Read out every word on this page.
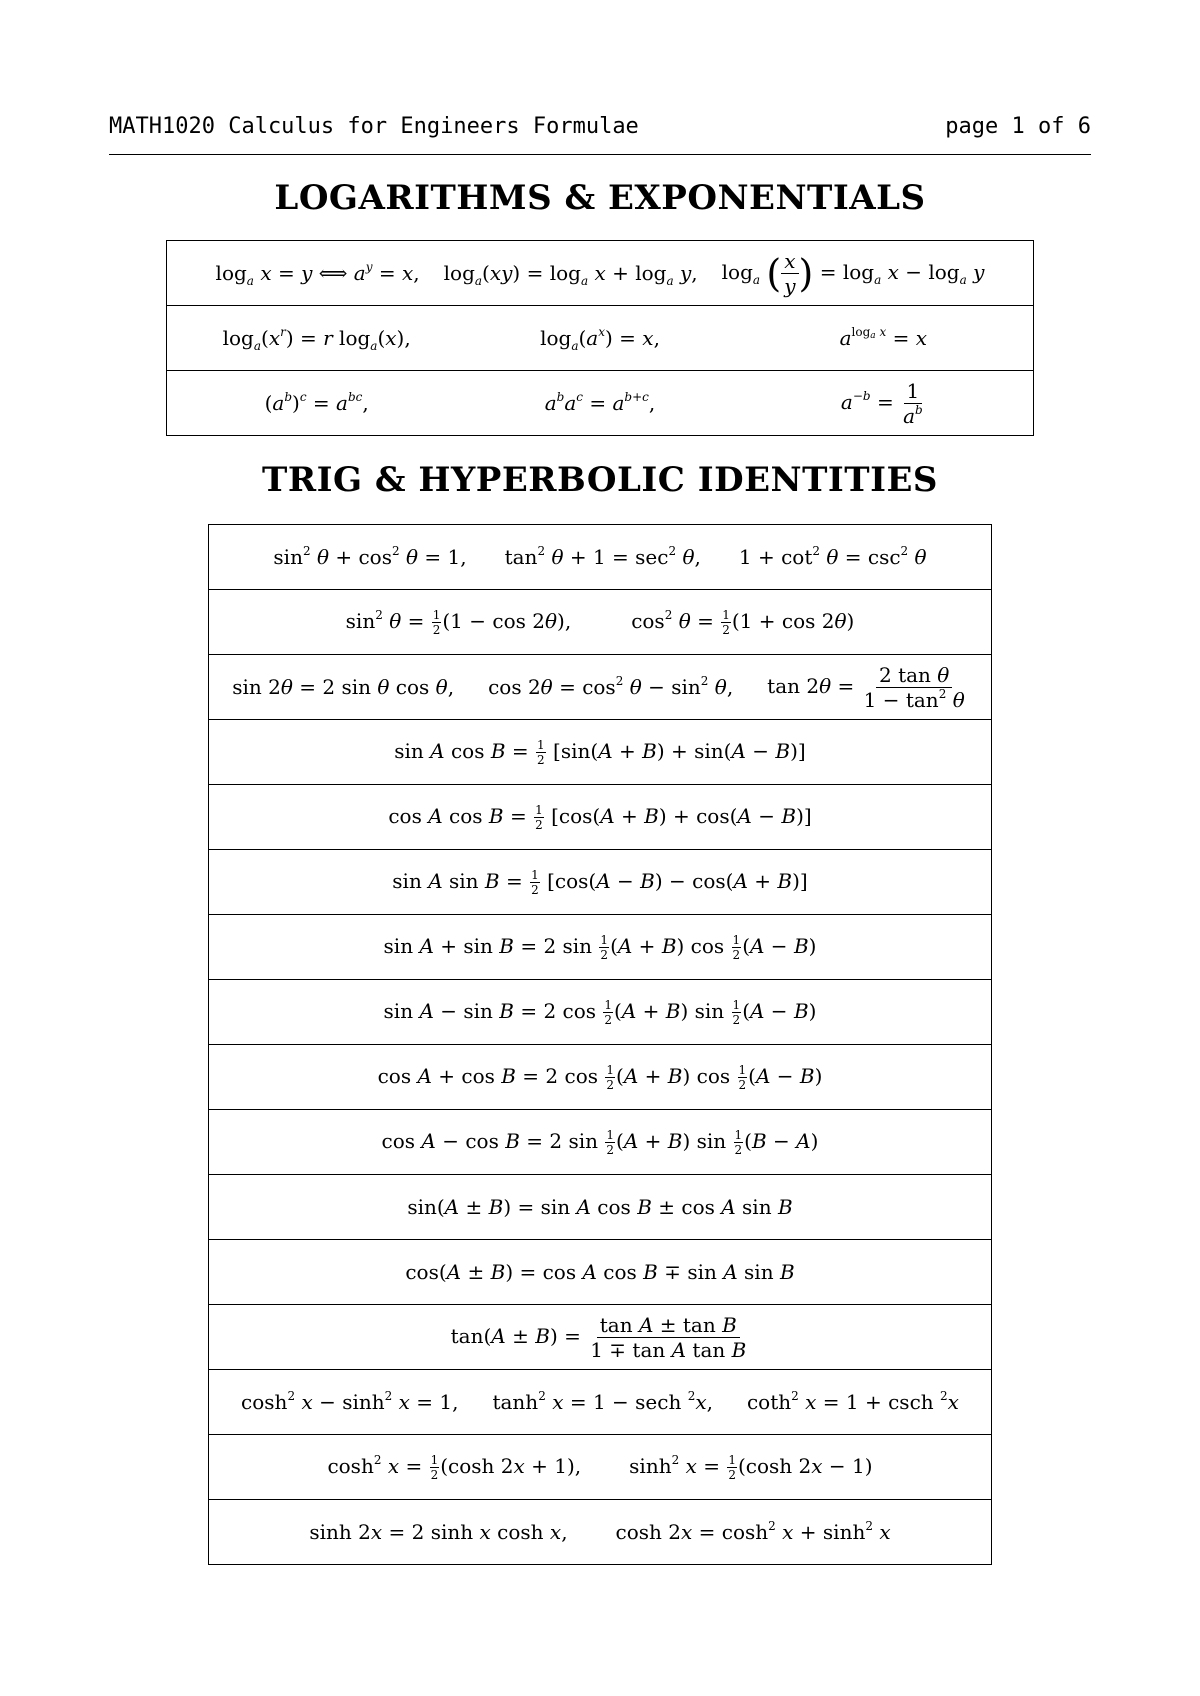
MATH1020 Calculus for Engineers Formulae	page 1 of 6
LOGARITHMS & EXPONENTIALS
$\log_a x = y$ ⟺ $a^y = x$, $\log_a(xy) = \log_a x + \log_a y$, $\log_a$ ( $\frac{x}{y}$ ) = $\log_a x - \log_a y$

$\log_a(x^r) = r$ $\log_a(x)$,	$\log_a(a^x) = x$,	$a^{log_a x} = x$

$(a^b)^c = a^{bc}$,	$a^ba^c = a^{b+c}$,	$a^{-b} = \frac{1}{a^b}$
TRIG & HYPERBOLIC IDENTITIES
$\sin^2 \theta + \cos^2 \theta = 1$, $\tan^2 \theta + 1 = \sec^2 \theta$, $1 + \cot^2 \theta = \csc^2 \theta$

$\sin^2 \theta = \frac{1}{2} (1 - \cos 2\theta)$,	$\cos^2 \theta = \frac{1}{2} (1 + \cos 2\theta)$

sin 2θ = 2 sin θ cos θ, $\cos 2\theta = \cos^2 \theta - \sin^2 \theta$, $\tan 2\theta = \frac{\text{2 tan θ}}{1 - \tan^2 \theta}$

sin A $\cos B = \frac{1}{2} [\sin(A + B) + \sin(A - B)]$
cos A $\cos B = \frac{1}{2} [\cos(A + B) + \cos(A - B)]$
sin A $\sin B = \frac{1}{2} [\cos(A - B) - \cos(A + B)]$
sin A + sin B = 2 $\sin \frac{1}{2} (A + B)$ $\cos \frac{1}{2} (A - B)$
sin A − sin B = 2 $\cos \frac{1}{2} (A + B)$ $\sin \frac{1}{2} (A - B)$
cos A + cos B = 2 $\cos \frac{1}{2} (A + B)$ $\cos \frac{1}{2} (A - B)$
cos A − cos B = 2 $\sin \frac{1}{2} (A + B)$ $\sin \frac{1}{2} (B - A)$
sin(A ± B) = sin A cos B ± cos A sin B
cos(A ± B) = cos A cos B ∓ sin A sin B
$\tan(A \pm B) = \frac{\text{tan A ± tan B}}{\text{1 ∓ tan A tan B}}$

$\cosh^2 x - \sinh^2 x = 1$, $\tanh^2 x = 1 - \sec h$ $^2$x, coth$^2$ x = 1 + csch $^2$x

$\cosh^2 x = \frac{1}{2} (\cosh$ 2x + 1), $\sinh^2 x = \frac{1}{2} (\cosh$ 2x − 1)

sinh 2x = 2 sinh x cosh x, $\cosh 2x = \cosh^2 x + \sinh^2 x$
